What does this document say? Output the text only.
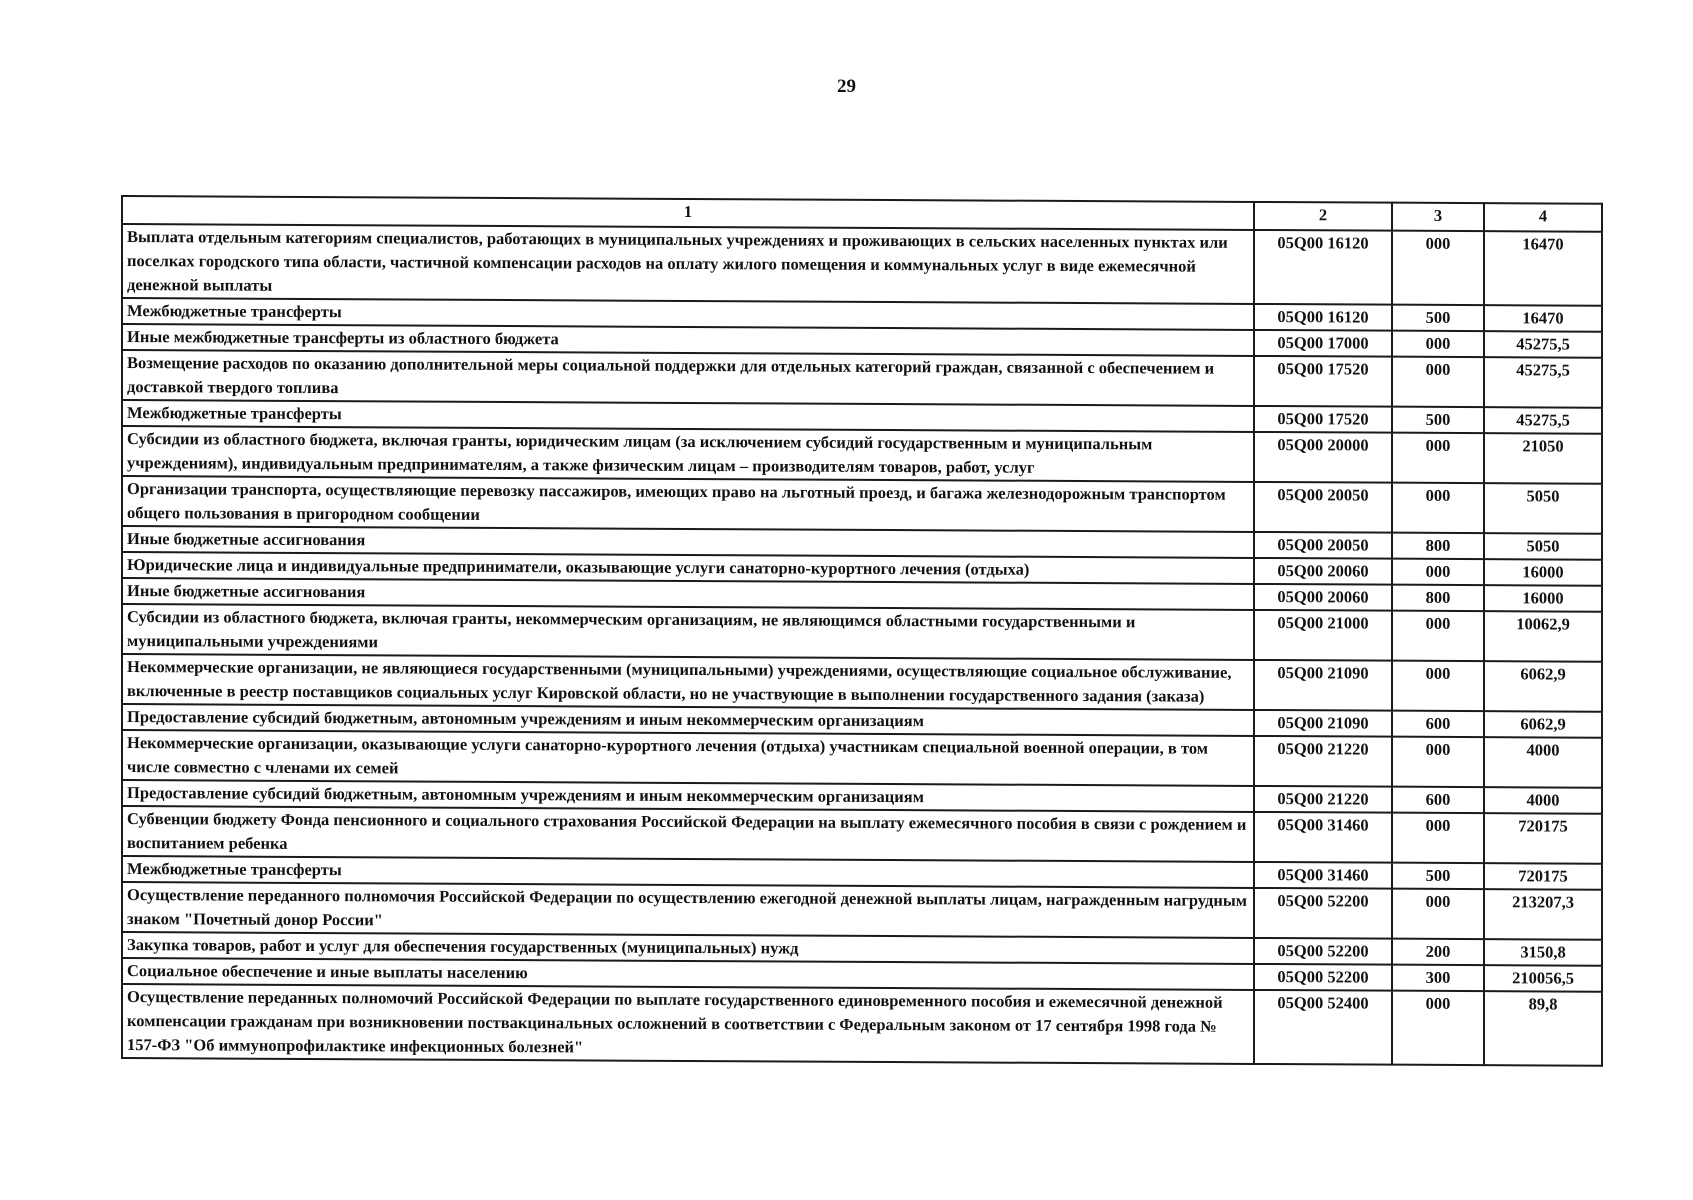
29
1	2	3	4
Выплата отдельным категориям специалистов, работающих в муниципальных учреждениях и проживающих в сельских населенных пунктах или поселках городского типа области, частичной компенсации расходов на оплату жилого помещения и коммунальных услуг в виде ежемесячной денежной выплаты	05Q00 16120	000	16470
Межбюджетные трансферты	05Q00 16120	500	16470
Иные межбюджетные трансферты из областного бюджета	05Q00 17000	000	45275,5
Возмещение расходов по оказанию дополнительной меры социальной поддержки для отдельных категорий граждан, связанной с обеспечением и доставкой твердого топлива	05Q00 17520	000	45275,5
Межбюджетные трансферты	05Q00 17520	500	45275,5
Субсидии из областного бюджета, включая гранты, юридическим лицам (за исключением субсидий государственным и муниципальным учреждениям), индивидуальным предпринимателям, а также физическим лицам – производителям товаров, работ, услуг	05Q00 20000	000	21050
Организации транспорта, осуществляющие перевозку пассажиров, имеющих право на льготный проезд, и багажа железнодорожным транспортом общего пользования в пригородном сообщении	05Q00 20050	000	5050
Иные бюджетные ассигнования	05Q00 20050	800	5050
Юридические лица и индивидуальные предприниматели, оказывающие услуги санаторно-курортного лечения (отдыха)	05Q00 20060	000	16000
Иные бюджетные ассигнования	05Q00 20060	800	16000
Субсидии из областного бюджета, включая гранты, некоммерческим организациям, не являющимся областными государственными и муниципальными учреждениями	05Q00 21000	000	10062,9
Некоммерческие организации, не являющиеся государственными (муниципальными) учреждениями, осуществляющие социальное обслуживание, включенные в реестр поставщиков социальных услуг Кировской области, но не участвующие в выполнении государственного задания (заказа)	05Q00 21090	000	6062,9
Предоставление субсидий бюджетным, автономным учреждениям и иным некоммерческим организациям	05Q00 21090	600	6062,9
Некоммерческие организации, оказывающие услуги санаторно-курортного лечения (отдыха) участникам специальной военной операции, в том числе совместно с членами их семей	05Q00 21220	000	4000
Предоставление субсидий бюджетным, автономным учреждениям и иным некоммерческим организациям	05Q00 21220	600	4000
Субвенции бюджету Фонда пенсионного и социального страхования Российской Федерации на выплату ежемесячного пособия в связи с рождением и воспитанием ребенка	05Q00 31460	000	720175
Межбюджетные трансферты	05Q00 31460	500	720175
Осуществление переданного полномочия Российской Федерации по осуществлению ежегодной денежной выплаты лицам, награжденным нагрудным знаком "Почетный донор России"	05Q00 52200	000	213207,3
Закупка товаров, работ и услуг для обеспечения государственных (муниципальных) нужд	05Q00 52200	200	3150,8
Социальное обеспечение и иные выплаты населению	05Q00 52200	300	210056,5
Осуществление переданных полномочий Российской Федерации по выплате государственного единовременного пособия и ежемесячной денежной компенсации гражданам при возникновении поствакцинальных осложнений в соответствии с Федеральным законом от 17 сентября 1998 года № 157-ФЗ "Об иммунопрофилактике инфекционных болезней"	05Q00 52400	000	89,8
